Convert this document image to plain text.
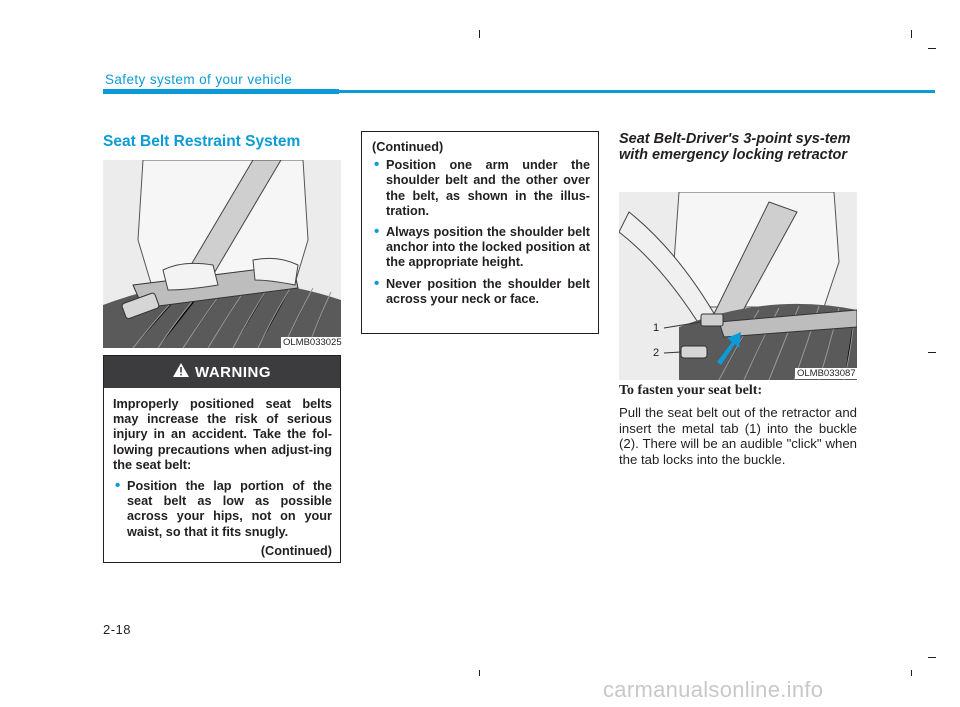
Safety system of your vehicle
Seat Belt Restraint System
OLMB033025
WARNING
Improperly positioned seat belts may increase the risk of serious injury in an accident. Take the fol-lowing precautions when adjust-ing the seat belt:
• Position the lap portion of the seat belt as low as possible across your hips, not on your waist, so that it fits snugly.
(Continued)
(Continued)
• Position one arm under the shoulder belt and the other over the belt, as shown in the illus-tration.
• Always position the shoulder belt anchor into the locked position at the appropriate height.
• Never position the shoulder belt across your neck or face.
Seat Belt-Driver's 3-point sys-tem with emergency locking retractor
1
2
OLMB033087
To fasten your seat belt:
Pull the seat belt out of the retractor and insert the metal tab (1) into the buckle (2). There will be an audible "click" when the tab locks into the buckle.
2-18
carmanualsonline.info
